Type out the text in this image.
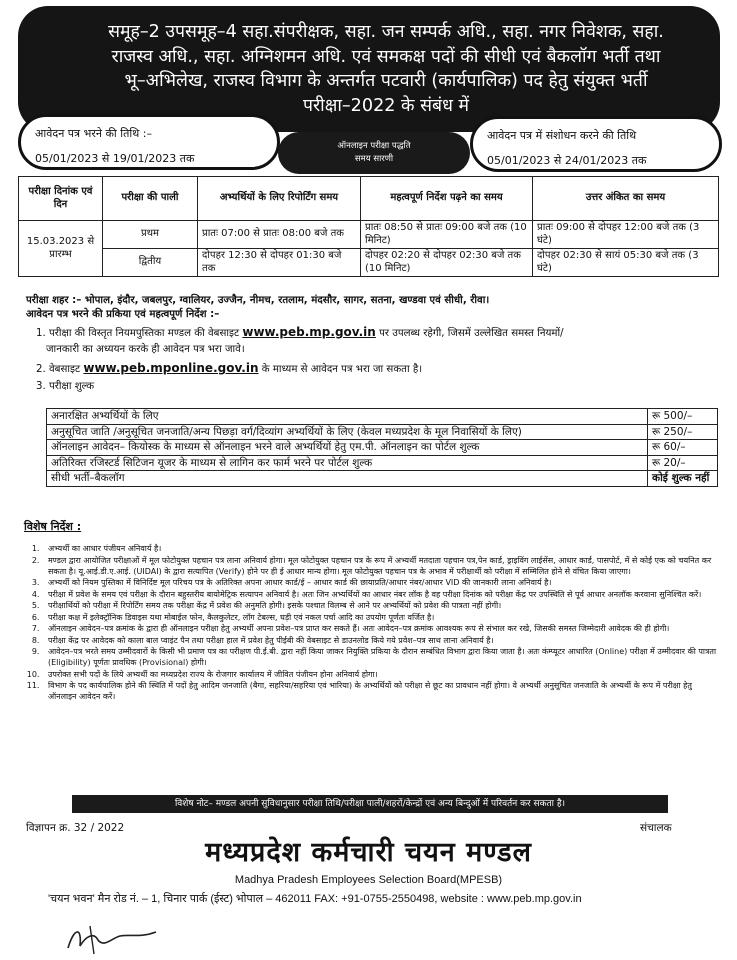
समूह–2 उपसमूह–4 सहा.संपरीक्षक, सहा. जन सम्पर्क अधि., सहा. नगर निवेशक, सहा.
राजस्व अधि., सहा. अग्निशमन अधि. एवं समकक्ष पदों की सीधी एवं बैकलॉग भर्ती तथा
भू–अभिलेख, राजस्व विभाग के अन्तर्गत पटवारी (कार्यपालिक) पद हेतु संयुक्त भर्ती
परीक्षा–2022 के संबंध में

आवेदन पत्र भरने की तिथि :–

05/01/2023 से 19/01/2023 तक

ऑनलाइन परीक्षा पद्धति
समय सारणी

आवेदन पत्र में संशोधन करने की तिथि

05/01/2023 से 24/01/2023 तक

परीक्षा दिनांक एवं दिन	परीक्षा की पाली	अभ्यर्थियों के लिए रिपोर्टिंग समय	महत्वपूर्ण निर्देश पढ़ने का समय	उत्तर अंकित का समय
15.03.2023 से प्रारम्भ	प्रथम	प्रातः 07:00 से प्रातः 08:00 बजे तक	प्रातः 08:50 से प्रातः 09:00 बजे तक (10 मिनिट)	प्रातः 09:00 से दोपहर 12:00 बजे तक (3 घंटे)
	द्वितीय	दोपहर 12:30 से दोपहर 01:30 बजे तक	दोपहर 02:20 से दोपहर 02:30 बजे तक (10 मिनिट)	दोपहर 02:30 से सायं 05:30 बजे तक (3 घंटे)
परीक्षा शहर :– भोपाल, इंदौर, जबलपुर, ग्वालियर, उज्जैन, नीमच, रतलाम, मंदसौर, सागर, सतना, खण्डवा एवं सीधी, रीवा।
आवेदन पत्र भरने की प्रकिया एवं महत्वपूर्ण निर्देश :–
1. परीक्षा की विस्तृत नियमपुस्तिका मण्डल की वेबसाइट www.peb.mp.gov.in पर उपलब्ध रहेगी, जिसमें उल्लेखित समस्त नियमों/
जानकारी का अध्ययन करके ही आवेदन पत्र भरा जावे।
2. वेबसाइट www.peb.mponline.gov.in के माध्यम से आवेदन पत्र भरा जा सकता है।
3. परीक्षा शुल्क
अनारक्षित अभ्यर्थियों के लिए	रू 500/–
अनुसूचित जाति /अनुसूचित जनजाति/अन्य पिछड़ा वर्ग/दिव्यांग अभ्यर्थियों के लिए (केवल मध्यप्रदेश के मूल निवासियों के लिए)	रू 250/–
ऑनलाइन आवेदन– कियोस्क के माध्यम से ऑनलाइन भरने वाले अभ्यर्थियों हेतु एम.पी. ऑनलाइन का पोर्टल शुल्क	रू 60/–
अतिरिक्त रजिस्टर्ड सिटिजन यूजर के माध्यम से लागिन कर फार्म भरने पर पोर्टल शुल्क	रू 20/–
सीधी भर्ती–बैकलॉग	कोई शुल्क नहीं
विशेष निर्देश :
1. अभ्यर्थी का आधार पंजीयन अनिवार्य है।
2. मण्डल द्वारा आयोजित परीक्षाओं में मूल फोटोयुक्त पहचान पत्र लाना अनिवार्य होगा। मूल फोटोयुक्त पहचान पत्र के रूप में अभ्यर्थी मतदाता पहचान पत्र,पेन कार्ड, ड्राइविंग लाईसेंस, आधार कार्ड, पासपोर्ट, में से कोई एक को चयनित कर सकता है। यू.आई.डी.ए.आई. (UIDAI) के द्वारा सत्यापित (Verify) होने पर ही ई आधार मान्य होगा। मूल फोटोयुक्त पहचान पत्र के अभाव में परीक्षार्थी को परीक्षा में सम्मिलित होने से वंचित किया जाएगा।
3. अभ्यर्थी को नियम पुस्तिका में विनिर्दिष्ट मूल परिचय पत्र के अतिरिक्त अपना आधार कार्ड/ई – आधार कार्ड की छायाप्रति/आधार नंबर/आधार VID की जानकारी लाना अनिवार्य है।
4. परीक्षा में प्रवेश के समय एवं परीक्षा के दौरान बहुस्तरीय बायोमेट्रिक सत्यापन अनिवार्य है। अतः जिन अभ्यर्थियों का आधार नंबर लॉक है वह परीक्षा दिनांक को परीक्षा केंद्र पर उपस्थिति से पूर्व आधार अनलॉक करवाना सुनिश्चित करें।
5. परीक्षार्थियों को परीक्षा में रिपोर्टिंग समय तक परीक्षा केंद्र में प्रवेश की अनुमति होगी। इसके पश्चात विलम्ब से आने पर अभ्यर्थियों को प्रवेश की पात्रता नहीं होगी।
6. परीक्षा कक्ष में इलेक्ट्रॉनिक डिवाइस यथा मोबाईल फोन, कैलकुलेटर, लॉग टेबल्स, घड़ी एवं नकल पर्चा आदि का उपयोग पूर्णतः वर्जित है।
7. ऑनलाइन आवेदन–पत्र क्रमांक के द्वारा ही ऑनलाइन परीक्षा हेतु अभ्यर्थी अपना प्रवेश–पत्र प्राप्त कर सकते हैं। अतः आवेदन–पत्र क्रमांक आवश्यक रूप से संभाल कर रखे, जिसकी समस्त जिम्मेदारी आवेदक की ही होगी।
8. परीक्षा केंद्र पर आवेदक को काला बाल प्वाइंट पैन तथा परीक्षा हाल में प्रवेश हेतु पीईबी की वेबसाइट से डाउनलोड किये गये प्रवेश–पत्र साथ लाना अनिवार्य है।
9. आवेदन–पत्र भरते समय उम्मीदवारों के किसी भी प्रमाण पत्र का परीक्षण पी.ई.बी. द्वारा नहीं किया जाकर नियुक्ति प्रकिया के दौरान सम्बंधित विभाग द्वारा किया जाता है। अतः कंम्प्यूटर आधारित (Online) परीक्षा में उम्मीदवार की पात्रता (Eligibility) पूर्णतः प्रावधिक (Provisional) होगी।
10. उपरोक्त सभी पदों के लिये अभ्यर्थी का मध्यप्रदेश राज्य के रोजगार कार्यालय में जीवित पंजीयन होना अनिवार्य होगा।
11. विभाग के पद कार्यपालिक होने की स्थिति में पदों हेतु आदिम जनजाति (बैगा, सहरिया/सहरिया एवं भारिया) के अभ्यर्थियों को परीक्षा से छूट का प्रावधान नहीं होगा। वे अभ्यर्थी अनुसूचित जनजाति के अभ्यर्थी के रूप में परीक्षा हेतु ऑनलाइन आवेदन करें।
विशेष नोट– मण्डल अपनी सुविधानुसार परीक्षा तिथि/परीक्षा पाली/शहरों/केन्द्रों एवं अन्य बिन्दुओं में परिवर्तन कर सकता है।
विज्ञापन क्र. 32 / 2022	संचालक
मध्यप्रदेश कर्मचारी चयन मण्डल
Madhya Pradesh Employees Selection Board(MPESB)
'चयन भवन' मैन रोड नं. – 1, चिनार पार्क (ईस्ट) भोपाल – 462011 FAX: +91-0755-2550498, website : www.peb.mp.gov.in
